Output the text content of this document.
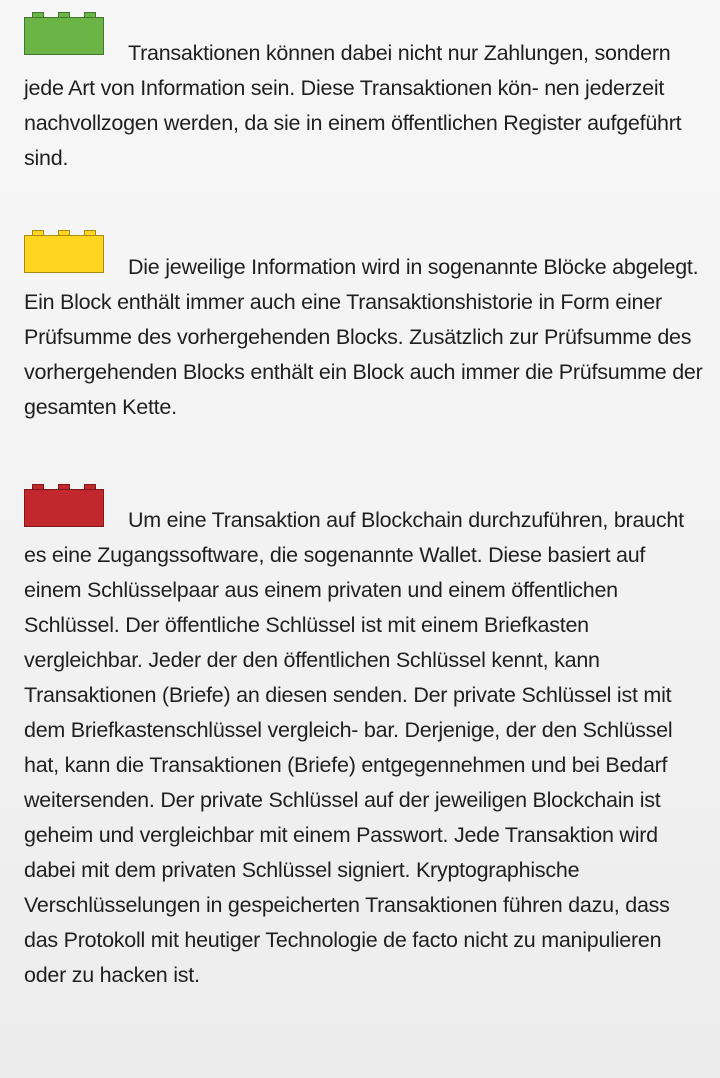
Transaktionen können dabei nicht nur Zahlungen, sondern jede Art von Information sein. Diese Transaktionen kön- nen jederzeit nachvollzogen werden, da sie in einem öffentlichen Register aufgeführt sind.

Die jeweilige Information wird in sogenannte Blöcke abgelegt. Ein Block enthält immer auch eine Transaktionshistorie in Form einer Prüfsumme des vorhergehenden Blocks. Zusätzlich zur Prüfsumme des vorhergehenden Blocks enthält ein Block auch immer die Prüfsumme der gesamten Kette.

Um eine Transaktion auf Blockchain durchzuführen, braucht es eine Zugangssoftware, die sogenannte Wallet. Diese basiert auf einem Schlüsselpaar aus einem privaten und einem öffentlichen Schlüssel. Der öffentliche Schlüssel ist mit einem Briefkasten vergleichbar. Jeder der den öffentlichen Schlüssel kennt, kann Transaktionen (Briefe) an diesen senden. Der private Schlüssel ist mit dem Briefkastenschlüssel vergleich- bar. Derjenige, der den Schlüssel hat, kann die Transaktionen (Briefe) entgegennehmen und bei Bedarf weitersenden. Der private Schlüssel auf der jeweiligen Blockchain ist geheim und vergleichbar mit einem Passwort. Jede Transaktion wird dabei mit dem privaten Schlüssel signiert. Kryptographische Verschlüsselungen in gespeicherten Transaktionen führen dazu, dass das Protokoll mit heutiger Technologie de facto nicht zu manipulieren oder zu hacken ist.
